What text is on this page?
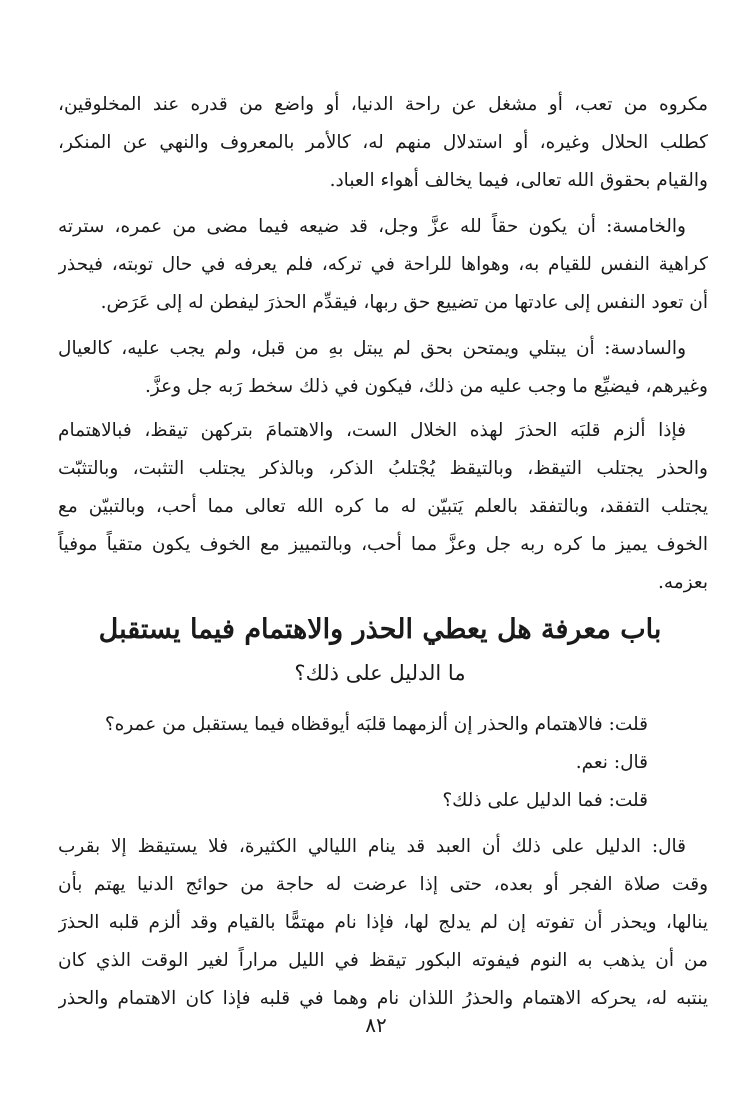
مكروه من تعب، أو مشغل عن راحة الدنيا، أو واضع من قدره عند المخلوقين،
كطلب الحلال وغيره، أو استدلال منهم له، كالأمر بالمعروف والنهي عن المنكر،
والقيام بحقوق الله تعالى، فيما يخالف أهواء العباد.
والخامسة: أن يكون حقاً لله عزَّ وجل، قد ضيعه فيما مضى من عمره، سترته
كراهية النفس للقيام به، وهواها للراحة في تركه، فلم يعرفه في حال توبته، فيحذر
أن تعود النفس إلى عادتها من تضييع حق ربها، فيقدِّم الحذرَ ليفطن له إلى عَرَض.
والسادسة: أن يبتلي ويمتحن بحق لم يبتل بهِ من قبل، ولم يجب عليه، كالعيال
وغيرهم، فيضيِّع ما وجب عليه من ذلك، فيكون في ذلك سخط رَبه جل وعزَّ.
فإذا ألزم قلبَه الحذرَ لهذه الخلال الست، والاهتمامَ بتركهن تيقظ، فبالاهتمام
والحذر يجتلب التيقظ، وبالتيقظ يُجْتلبُ الذكر، وبالذكر يجتلب التثبت، وبالتثبّت
يجتلب التفقد، وبالتفقد بالعلم يَتبيّن له ما كره الله تعالى مما أحب، وبالتبيّن مع
الخوف يميز ما كره ربه جل وعزَّ مما أحب، وبالتمييز مع الخوف يكون متقياً موفياً
بعزمه.
باب معرفة هل يعطي الحذر والاهتمام فيما يستقبل
ما الدليل على ذلك؟
قلت: فالاهتمام والحذر إن ألزمهما قلبَه أيوقظاه فيما يستقبل من عمره؟
قال: نعم.
قلت: فما الدليل على ذلك؟
قال: الدليل على ذلك أن العبد قد ينام الليالي الكثيرة، فلا يستيقظ إلا بقرب
وقت صلاة الفجر أو بعده، حتى إذا عرضت له حاجة من حوائج الدنيا يهتم بأن
ينالها، ويحذر أن تفوته إن لم يدلج لها، فإذا نام مهتمًّا بالقيام وقد ألزم قلبه الحذرَ
من أن يذهب به النوم فيفوته البكور تيقظ في الليل مراراً لغير الوقت الذي كان
ينتبه له، يحركه الاهتمام والحذرُ اللذان نام وهما في قلبه فإذا كان الاهتمام والحذر
٨٢
